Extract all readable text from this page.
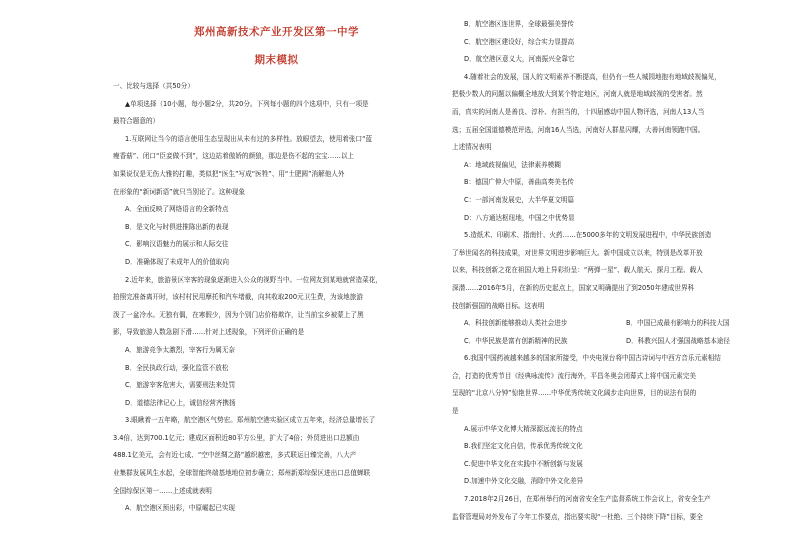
郑州高新技术产业开发区第一中学
期末模拟
一、比较与选择（共50分）
▲单项选择（10小题，每小题2分，共20分。下列每小题的四个选项中，只有一项是
最符合题意的）
1.互联网让当今的语言使用生态呈现出从未有过的多样性。放眼望去，使用着张口“蓝
瘦香菇”、闭口“臣妾做不到”，这边站着傲娇的颜狼，那边是伤不起的宝宝……以上
如果说仅是无伤大雅的打趣，类似把“医生”写成“医牲”、用“土肥圆”消解他人外
在形象的“新词新语”就只当别论了。这种现象
A．全面反映了网络语言的全新特点
B．是文化与时俱进推陈出新的表现
C．影响汉语魅力的展示和人际交往
D．准确体现了未成年人的价值取向
2.近年来，旅游景区宰客的现象逐渐进入公众的视野当中。一位网友到某地就营造菜花，
拍照完准备离开时，该村村民用摩托和汽车堵截，向其收取200元卫生费，为该地旅游
泼了一盆冷水。无独有偶，在寒假少，因为个别门店价格欺诈，让当前宝乡被蒙上了黑
影，导致旅游人数急剧下滑……针对上述现象，下列评价正确的是
A．旅游竞争太激烈，宰客行为属无奈
B．全民执政行动，强化监管不放松
C．旅游宰客危害大，需要刑法来处罚
D．道德法律记心上，诚信经营齐携扬
3.眼瞅着一五年略，航空港区气势宏。郑州航空港实验区成立五年来，经济总量增长了
3.4倍，达到700.1亿元；建成区面积近80平方公里，扩大了4倍；外贸进出口总额由
488.1亿美元，会有近七成、“空中丝绸之路”越织越密，多式联运日臻完善，八大产
业集群发展风生水起，全球智能终端基地地位初步确立；郑州新郑综保区进出口总值蝉联
全国综保区第一……上述成就表明
A．航空港区预出彩，中原崛起已实现
B．航空港区连世界，全球最强美誉传
C．航空港区建设好，综合实力显提高
D．航空港区意义大，河南振兴全靠它
4.随着社会的发展，国人的文明素养不断提高，但仍有一些人城园地抱有地域歧视偏见，
把极少数人的问题以偏概全地放大到某个特定地区，河南人就是地域歧视的受害者。然
而，真实的河南人是善良、淳朴、有担当的，十四届感动中国人物评选，河南人13人当
选；五届全国道德模范评选，河南16人当选，河南好人群星闪耀，大善河南领跑中国。
上述情况表明
A：地域歧视偏见，法律素养模糊
B：德国广伸大中原，善曲高奏美名传
C：一部河南发展史，大半华夏文明篇
D：八方通达枢纽地，中国之中优势显
5.造纸术、印刷术、指南针、火药……在5000多年的文明发展进程中，中华民族创造
了举世闻名的科技成果，对世界文明进步影响巨大。新中国成立以来，特别是改革开放
以来，科技创新之花在祖国大地上异彩纷呈：“两弹一星”、载人航天、探月工程、载人
深潜……2016年5月，在新的历史起点上，国家又明确提出了到2050年建成世界科
技创新强国的战略目标。这表明
A．科技创新能够推动人类社会进步	B．中国已成最有影响力的科技大国
C．中华民族是富有创新精神的民族	D．科教兴国人才强国战略基本途径
6.我国中国药被越来越多的国家所接受，中央电视台将中国古诗词与中西方音乐元素相结
合，打造的优秀节目《经典咏流传》流行海外，平昌冬奥会闭幕式上将中国元素完美
呈现的“北京八分钟”惊艳世界……中华优秀传统文化阔步走向世界，目的说法有误的
是
A.展示中华文化博大精深源远流长的特点
B.我们坚定文化自信，传承优秀传统文化
C.促进中华文化在实践中不断创新与发展
D.加速中外文化交融，消除中外文化差异
7.2018年2月26日，在郑州举行的河南省安全生产监督系统工作会议上，省安全生产
监督管理局对外发布了今年工作要点，指出要实现“一杜绝、三个持续下降”目标，要全
